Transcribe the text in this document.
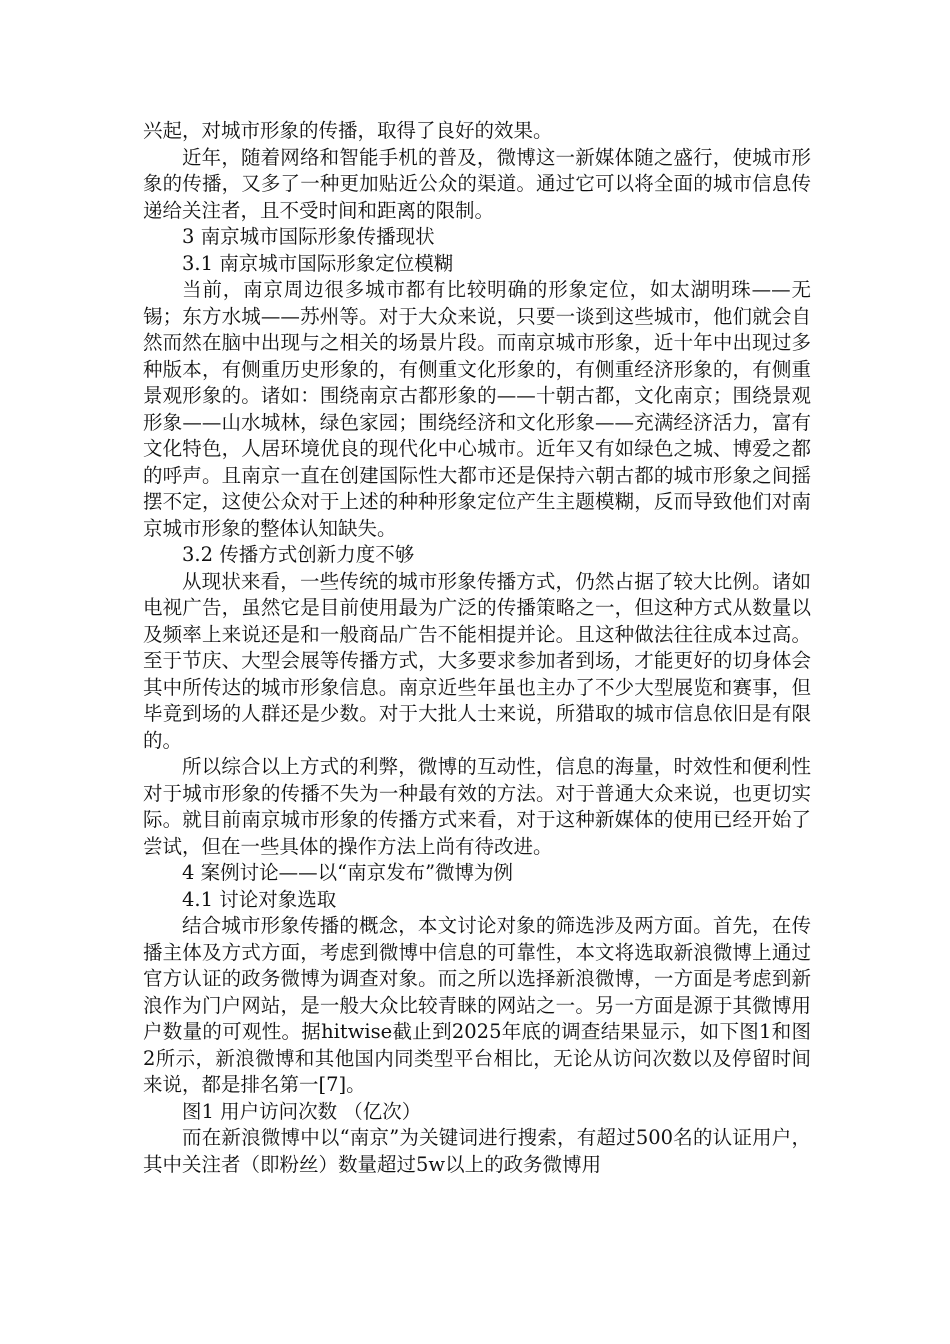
兴起，对城市形象的传播，取得了良好的效果。

近年，随着网络和智能手机的普及，微博这一新媒体随之盛行，使城市形象的传播，又多了一种更加贴近公众的渠道。通过它可以将全面的城市信息传递给关注者，且不受时间和距离的限制。

3 南京城市国际形象传播现状

3.1 南京城市国际形象定位模糊

当前，南京周边很多城市都有比较明确的形象定位，如太湖明珠——无锡；东方水城——苏州等。对于大众来说，只要一谈到这些城市，他们就会自然而然在脑中出现与之相关的场景片段。而南京城市形象，近十年中出现过多种版本，有侧重历史形象的，有侧重文化形象的，有侧重经济形象的，有侧重景观形象的。诸如：围绕南京古都形象的——十朝古都，文化南京；围绕景观形象——山水城林，绿色家园；围绕经济和文化形象——充满经济活力，富有文化特色，人居环境优良的现代化中心城市。近年又有如绿色之城、博爱之都的呼声。且南京一直在创建国际性大都市还是保持六朝古都的城市形象之间摇摆不定，这使公众对于上述的种种形象定位产生主题模糊，反而导致他们对南京城市形象的整体认知缺失。

3.2 传播方式创新力度不够

从现状来看，一些传统的城市形象传播方式，仍然占据了较大比例。诸如电视广告，虽然它是目前使用最为广泛的传播策略之一，但这种方式从数量以及频率上来说还是和一般商品广告不能相提并论。且这种做法往往成本过高。至于节庆、大型会展等传播方式，大多要求参加者到场，才能更好的切身体会其中所传达的城市形象信息。南京近些年虽也主办了不少大型展览和赛事，但毕竟到场的人群还是少数。对于大批人士来说，所猎取的城市信息依旧是有限的。

所以综合以上方式的利弊，微博的互动性，信息的海量，时效性和便利性对于城市形象的传播不失为一种最有效的方法。对于普通大众来说，也更切实际。就目前南京城市形象的传播方式来看，对于这种新媒体的使用已经开始了尝试，但在一些具体的操作方法上尚有待改进。

4 案例讨论——以“南京发布”微博为例

4.1 讨论对象选取

结合城市形象传播的概念，本文讨论对象的筛选涉及两方面。首先，在传播主体及方式方面，考虑到微博中信息的可靠性，本文将选取新浪微博上通过官方认证的政务微博为调查对象。而之所以选择新浪微博，一方面是考虑到新浪作为门户网站，是一般大众比较青睐的网站之一。另一方面是源于其微博用户数量的可观性。据hitwise截止到2025年底的调查结果显示，如下图1和图2所示，新浪微博和其他国内同类型平台相比，无论从访问次数以及停留时间来说，都是排名第一[7]。

图1 用户访问次数 （亿次）

而在新浪微博中以“南京”为关键词进行搜索，有超过500名的认证用户，其中关注者（即粉丝）数量超过5w以上的政务微博用
